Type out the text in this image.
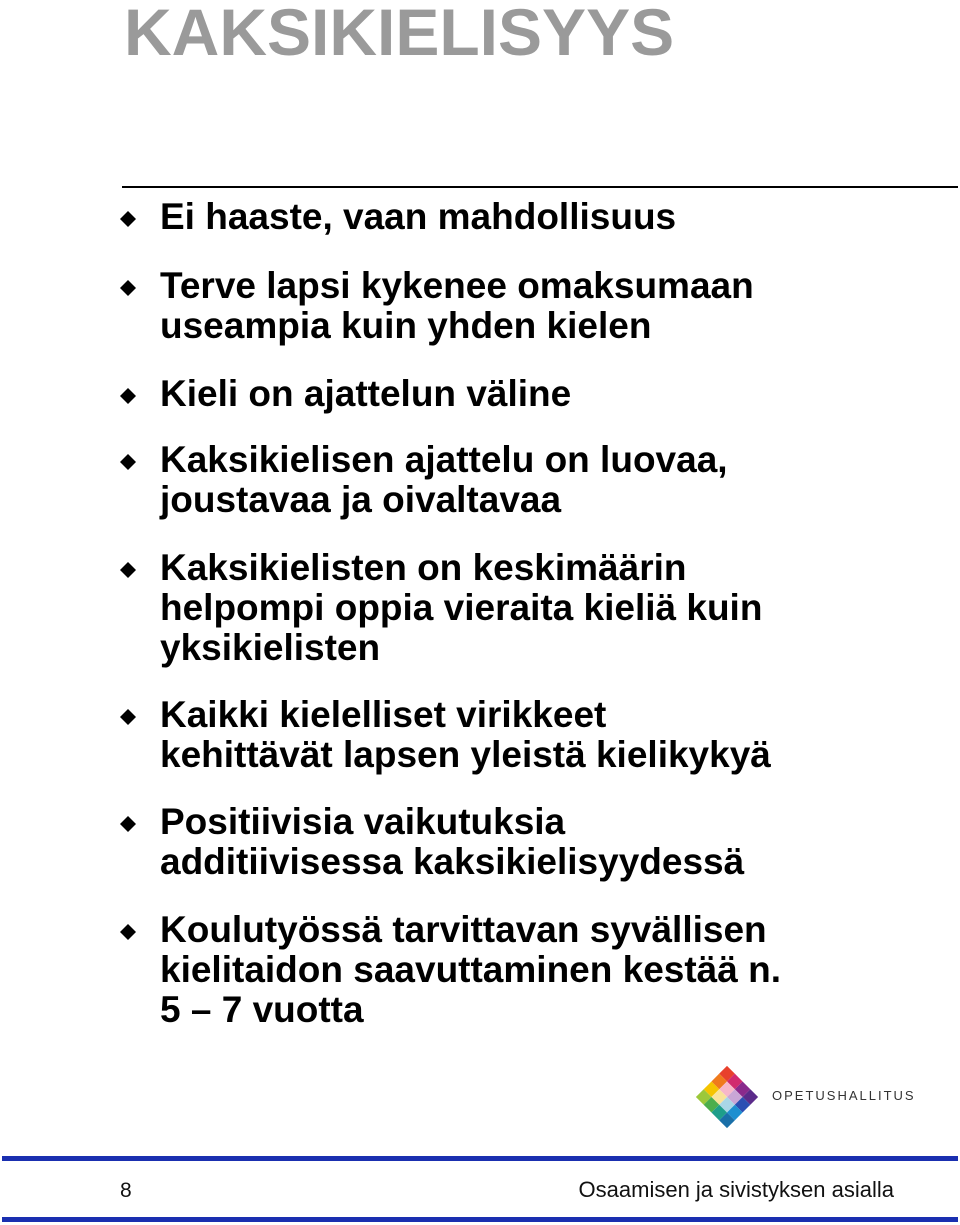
KAKSIKIELISYYS

Ei haaste, vaan mahdollisuus

Terve lapsi kykenee omaksumaan
useampia kuin yhden kielen

Kieli on ajattelun väline

Kaksikielisen ajattelu on luovaa,
joustavaa ja oivaltavaa

Kaksikielisten on keskimäärin
helpompi oppia vieraita kieliä kuin
yksikielisten

Kaikki kielelliset virikkeet
kehittävät lapsen yleistä kielikykyä

Positiivisia vaikutuksia
additiivisessa kaksikielisyydessä

Koulutyössä tarvittavan syvällisen
kielitaidon saavuttaminen kestää n.
5 – 7 vuotta

OPETUSHALLITUS
8	Osaamisen ja sivistyksen asialla
